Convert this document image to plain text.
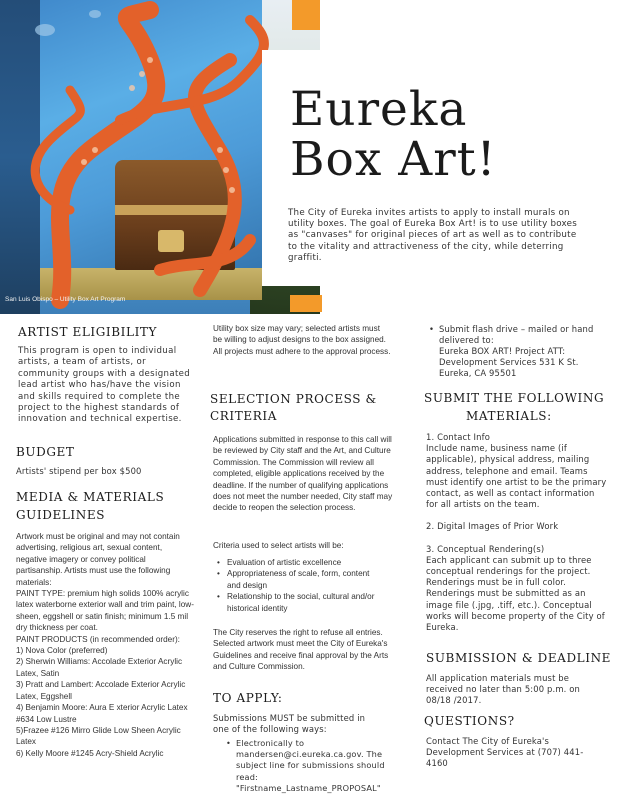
San Luis Obispo – Utility Box Art Program
Eureka
Box Art!

The City of Eureka invites artists to apply to install murals on utility boxes. The goal of Eureka Box Art! is to use utility boxes as "canvases" for original pieces of art as well as to contribute to the vitality and attractiveness of the city, while deterring graffiti.

ARTIST ELIGIBILITY

This program is open to individual artists, a team of artists, or community groups with a designated lead artist who has/have the vision and skills required to complete the project to the highest standards of innovation and technical expertise.

BUDGET

Artists' stipend per box $500

MEDIA & MATERIALS
GUIDELINES
Artwork must be original and may not contain advertising, religious art, sexual content, negative imagery or convey political partisanship. Artists must use the following materials:
PAINT TYPE: premium high solids 100% acrylic latex waterborne exterior wall and trim paint, low-sheen, eggshell or satin finish; minimum 1.5 mil dry thickness per coat.
PAINT PRODUCTS (in recommended order):
1) Nova Color (preferred)
2) Sherwin Williams: Accolade Exterior Acrylic Latex, Satin
3) Pratt and Lambert: Accolade Exterior Acrylic Latex, Eggshell
4) Benjamin Moore: Aura E xterior Acrylic Latex #634 Low Lustre
5)Frazee #126 Mirro Glide Low Sheen Acrylic Latex
6) Kelly Moore #1245 Acry-Shield Acrylic
Utility box size may vary; selected artists must be willing to adjust designs to the box assigned.
All projects must adhere to the approval process.
SELECTION PROCESS &
CRITERIA

Applications submitted in response to this call will be reviewed by City staff and the Art, and Culture Commission. The Commission will review all completed, eligible applications received by the deadline. If the number of qualifying applications does not meet the number needed, City staff may decide to reopen the selection process.

Criteria used to select artists will be:

• Evaluation of artistic excellence
• Appropriateness of scale, form, content and design
• Relationship to the social, cultural and/or historical identity

The City reserves the right to refuse all entries. Selected artwork must meet the City of Eureka's Guidelines and receive final approval by the Arts and Culture Commission.

TO APPLY:

Submissions MUST be submitted in one of the following ways:

• Electronically to mandersen@ci.eureka.ca.gov. The subject line for submissions should read: "Firstname_Lastname_PROPOSAL"
• Submit flash drive – mailed or hand delivered to:

Eureka BOX ART! Project ATT: Development Services 531 K St. Eureka, CA 95501

SUBMIT THE FOLLOWING
MATERIALS:
1. Contact Info
Include name, business name (if applicable), physical address, mailing address, telephone and email. Teams must identify one artist to be the primary contact, as well as contact information for all artists on the team.
2. Digital Images of Prior Work
3. Conceptual Rendering(s)
Each applicant can submit up to three conceptual renderings for the project. Renderings must be in full color. Renderings must be submitted as an image file (.jpg, .tiff, etc.). Conceptual works will become property of the City of Eureka.
SUBMISSION & DEADLINE

All application materials must be received no later than 5:00 p.m. on 08/18 /2017.

QUESTIONS?

Contact The City of Eureka's Development Services at (707) 441-4160
